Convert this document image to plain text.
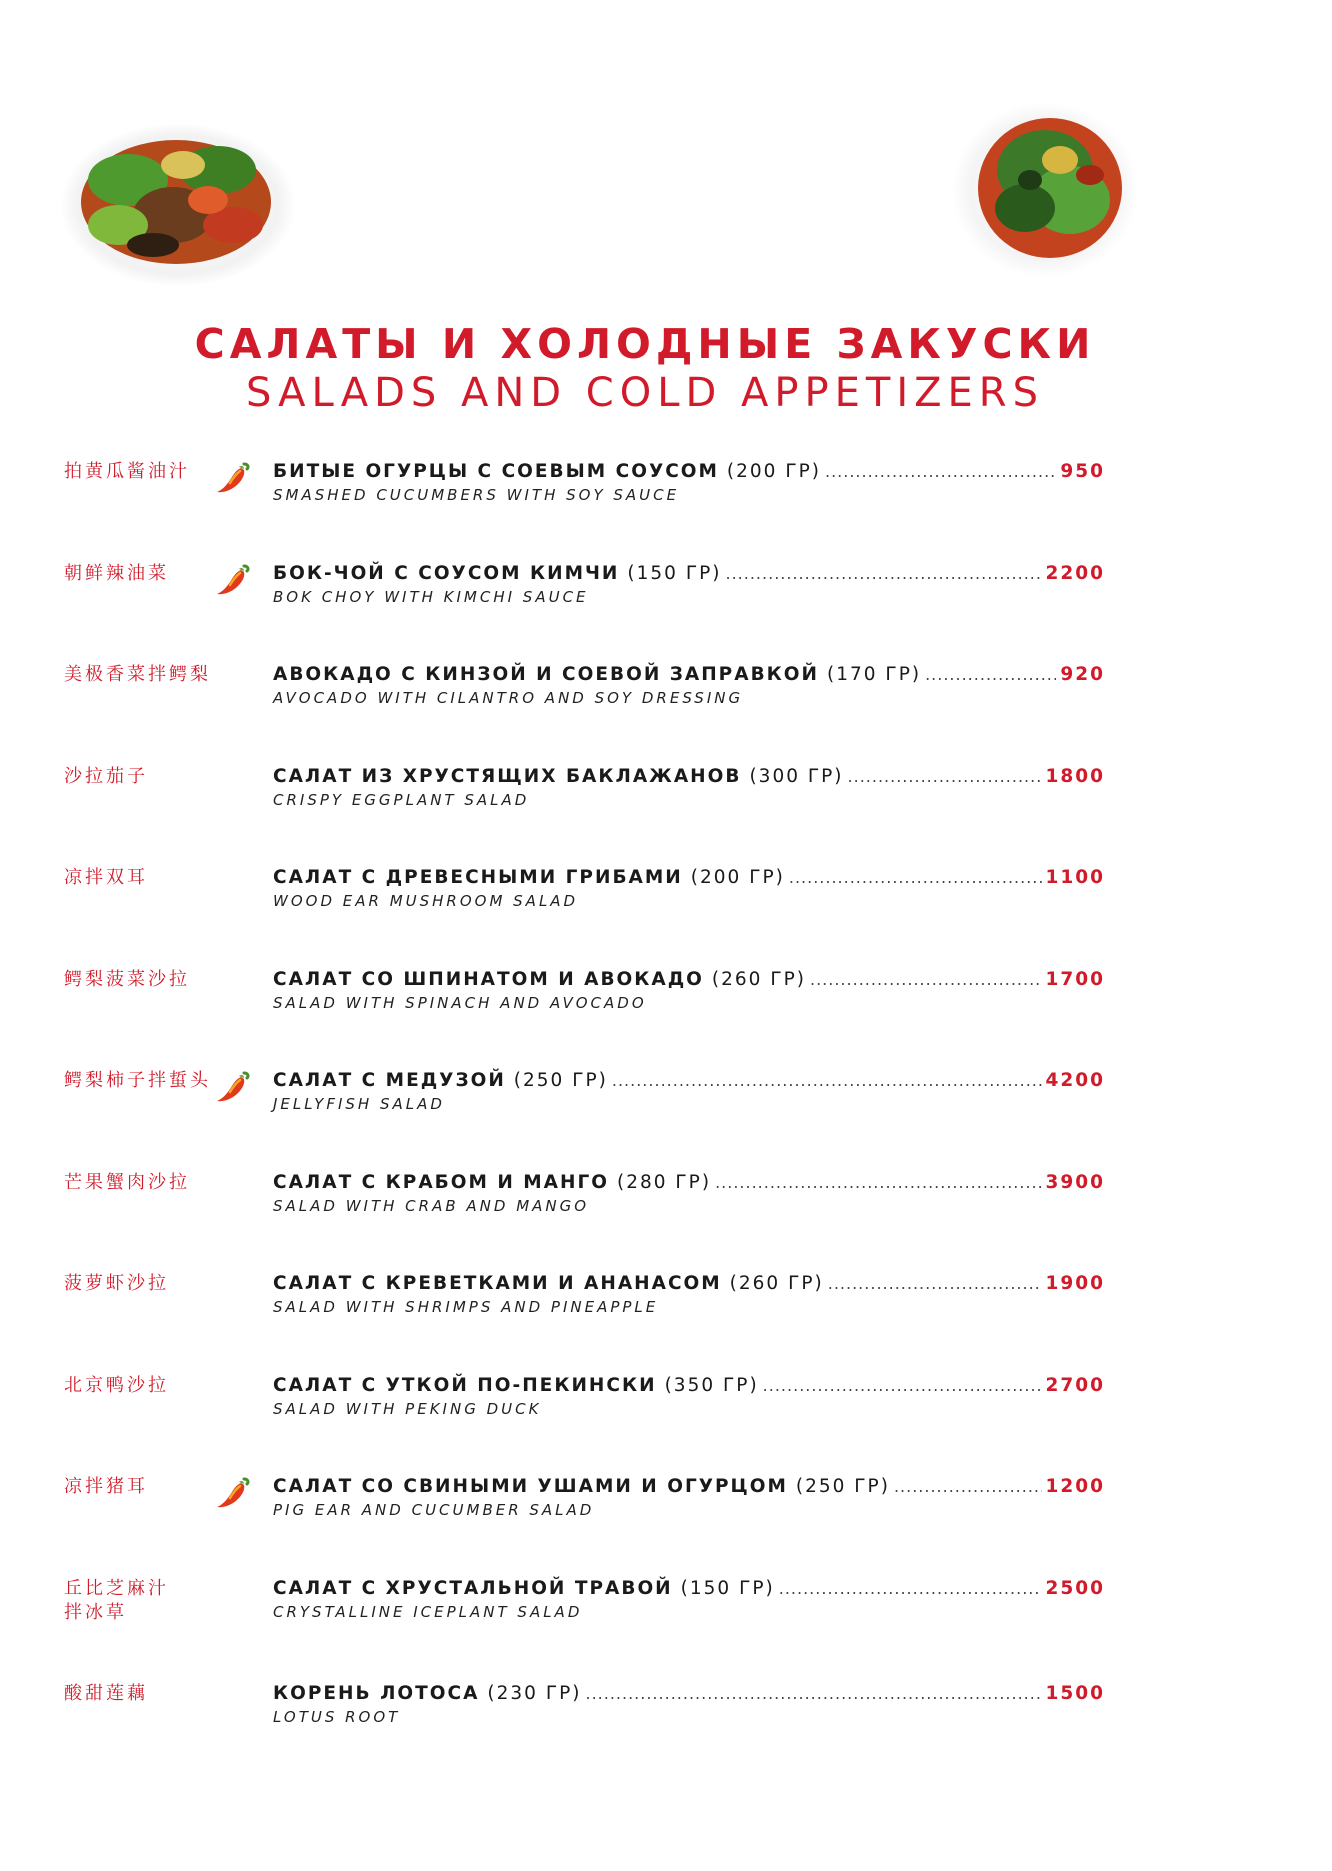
САЛАТЫ И ХОЛОДНЫЕ ЗАКУСКИ
SALADS AND COLD APPETIZERS
拍黄瓜酱油汁	БИТЫЕ ОГУРЦЫ С СОЕВЫМ СОУСОМ (200 ГР) .....	950
SMASHED CUCUMBERS WITH SOY SAUCE
朝鲜辣油菜	БОК-ЧОЙ С СОУСОМ КИМЧИ (150 ГР) .....	2200
BOK CHOY WITH KIMCHI SAUCE
美极香菜拌鳄梨	АВОКАДО С КИНЗОЙ И СОЕВОЙ ЗАПРАВКОЙ (170 ГР) .....	920
AVOCADO WITH CILANTRO AND SOY DRESSING
沙拉茄子	САЛАТ ИЗ ХРУСТЯЩИХ БАКЛАЖАНОВ (300 ГР) .....	1800
CRISPY EGGPLANT SALAD
凉拌双耳	САЛАТ С ДРЕВЕСНЫМИ ГРИБАМИ (200 ГР) .....	1100
WOOD EAR MUSHROOM SALAD
鳄梨菠菜沙拉	САЛАТ СО ШПИНАТОМ И АВОКАДО (260 ГР) .....	1700
SALAD WITH SPINACH AND AVOCADO
鳄梨柿子拌蜇头	САЛАТ С МЕДУЗОЙ (250 ГР) .....	4200
JELLYFISH SALAD
芒果蟹肉沙拉	САЛАТ С КРАБОМ И МАНГО (280 ГР) .....	3900
SALAD WITH CRAB AND MANGO
菠萝虾沙拉	САЛАТ С КРЕВЕТКАМИ И АНАНАСОМ (260 ГР) .....	1900
SALAD WITH SHRIMPS AND PINEAPPLE
北京鸭沙拉	САЛАТ С УТКОЙ ПО-ПЕКИНСКИ (350 ГР) .....	2700
SALAD WITH PEKING DUCK
凉拌猪耳	САЛАТ СО СВИНЫМИ УШАМИ И ОГУРЦОМ (250 ГР) .....	1200
PIG EAR AND CUCUMBER SALAD
丘比芝麻汁
拌冰草
САЛАТ С ХРУСТАЛЬНОЙ ТРАВОЙ (150 ГР) .....	2500
CRYSTALLINE ICEPLANT SALAD
酸甜莲藕	КОРЕНЬ ЛОТОСА (230 ГР) .....	1500
LOTUS ROOT
